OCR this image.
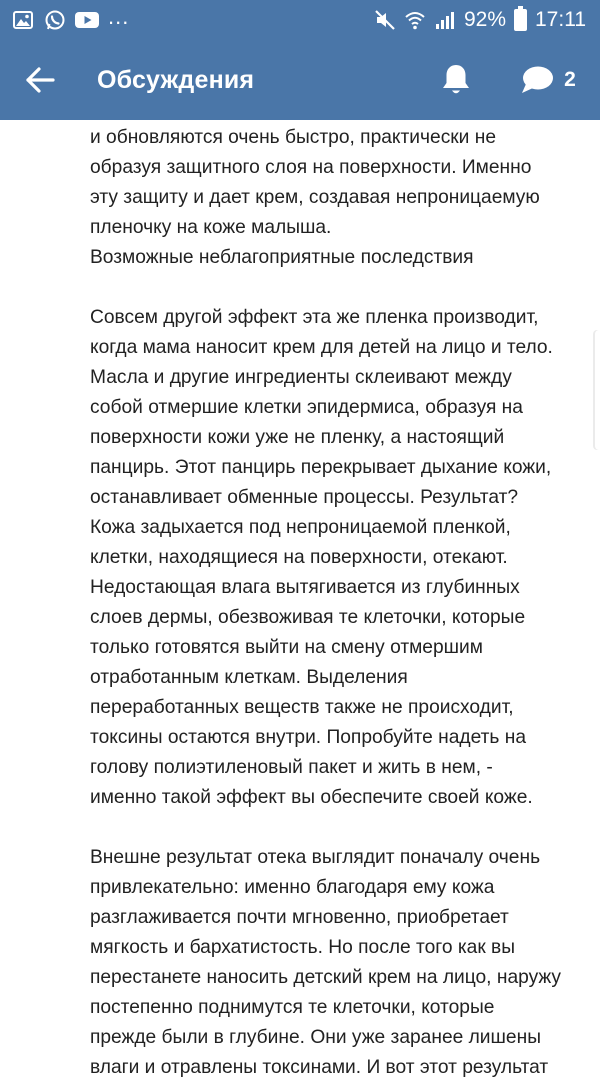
...	92% 17:11
Обсуждения	2
и обновляются очень быстро, практически не
образуя защитного слоя на поверхности. Именно
эту защиту и дает крем, создавая непроницаемую
пленочку на коже малыша.
Возможные неблагоприятные последствия
Совсем другой эффект эта же пленка производит,
когда мама наносит крем для детей на лицо и тело.
Масла и другие ингредиенты склеивают между
собой отмершие клетки эпидермиса, образуя на
поверхности кожи уже не пленку, а настоящий
панцирь. Этот панцирь перекрывает дыхание кожи,
останавливает обменные процессы. Результат?
Кожа задыхается под непроницаемой пленкой,
клетки, находящиеся на поверхности, отекают.
Недостающая влага вытягивается из глубинных
слоев дермы, обезвоживая те клеточки, которые
только готовятся выйти на смену отмершим
отработанным клеткам. Выделения
переработанных веществ также не происходит,
токсины остаются внутри. Попробуйте надеть на
голову полиэтиленовый пакет и жить в нем, -
именно такой эффект вы обеспечите своей коже.
Внешне результат отека выглядит поначалу очень
привлекательно: именно благодаря ему кожа
разглаживается почти мгновенно, приобретает
мягкость и бархатистость. Но после того как вы
перестанете наносить детский крем на лицо, наружу
постепенно поднимутся те клеточки, которые
прежде были в глубине. Они уже заранее лишены
влаги и отравлены токсинами. И вот этот результат
